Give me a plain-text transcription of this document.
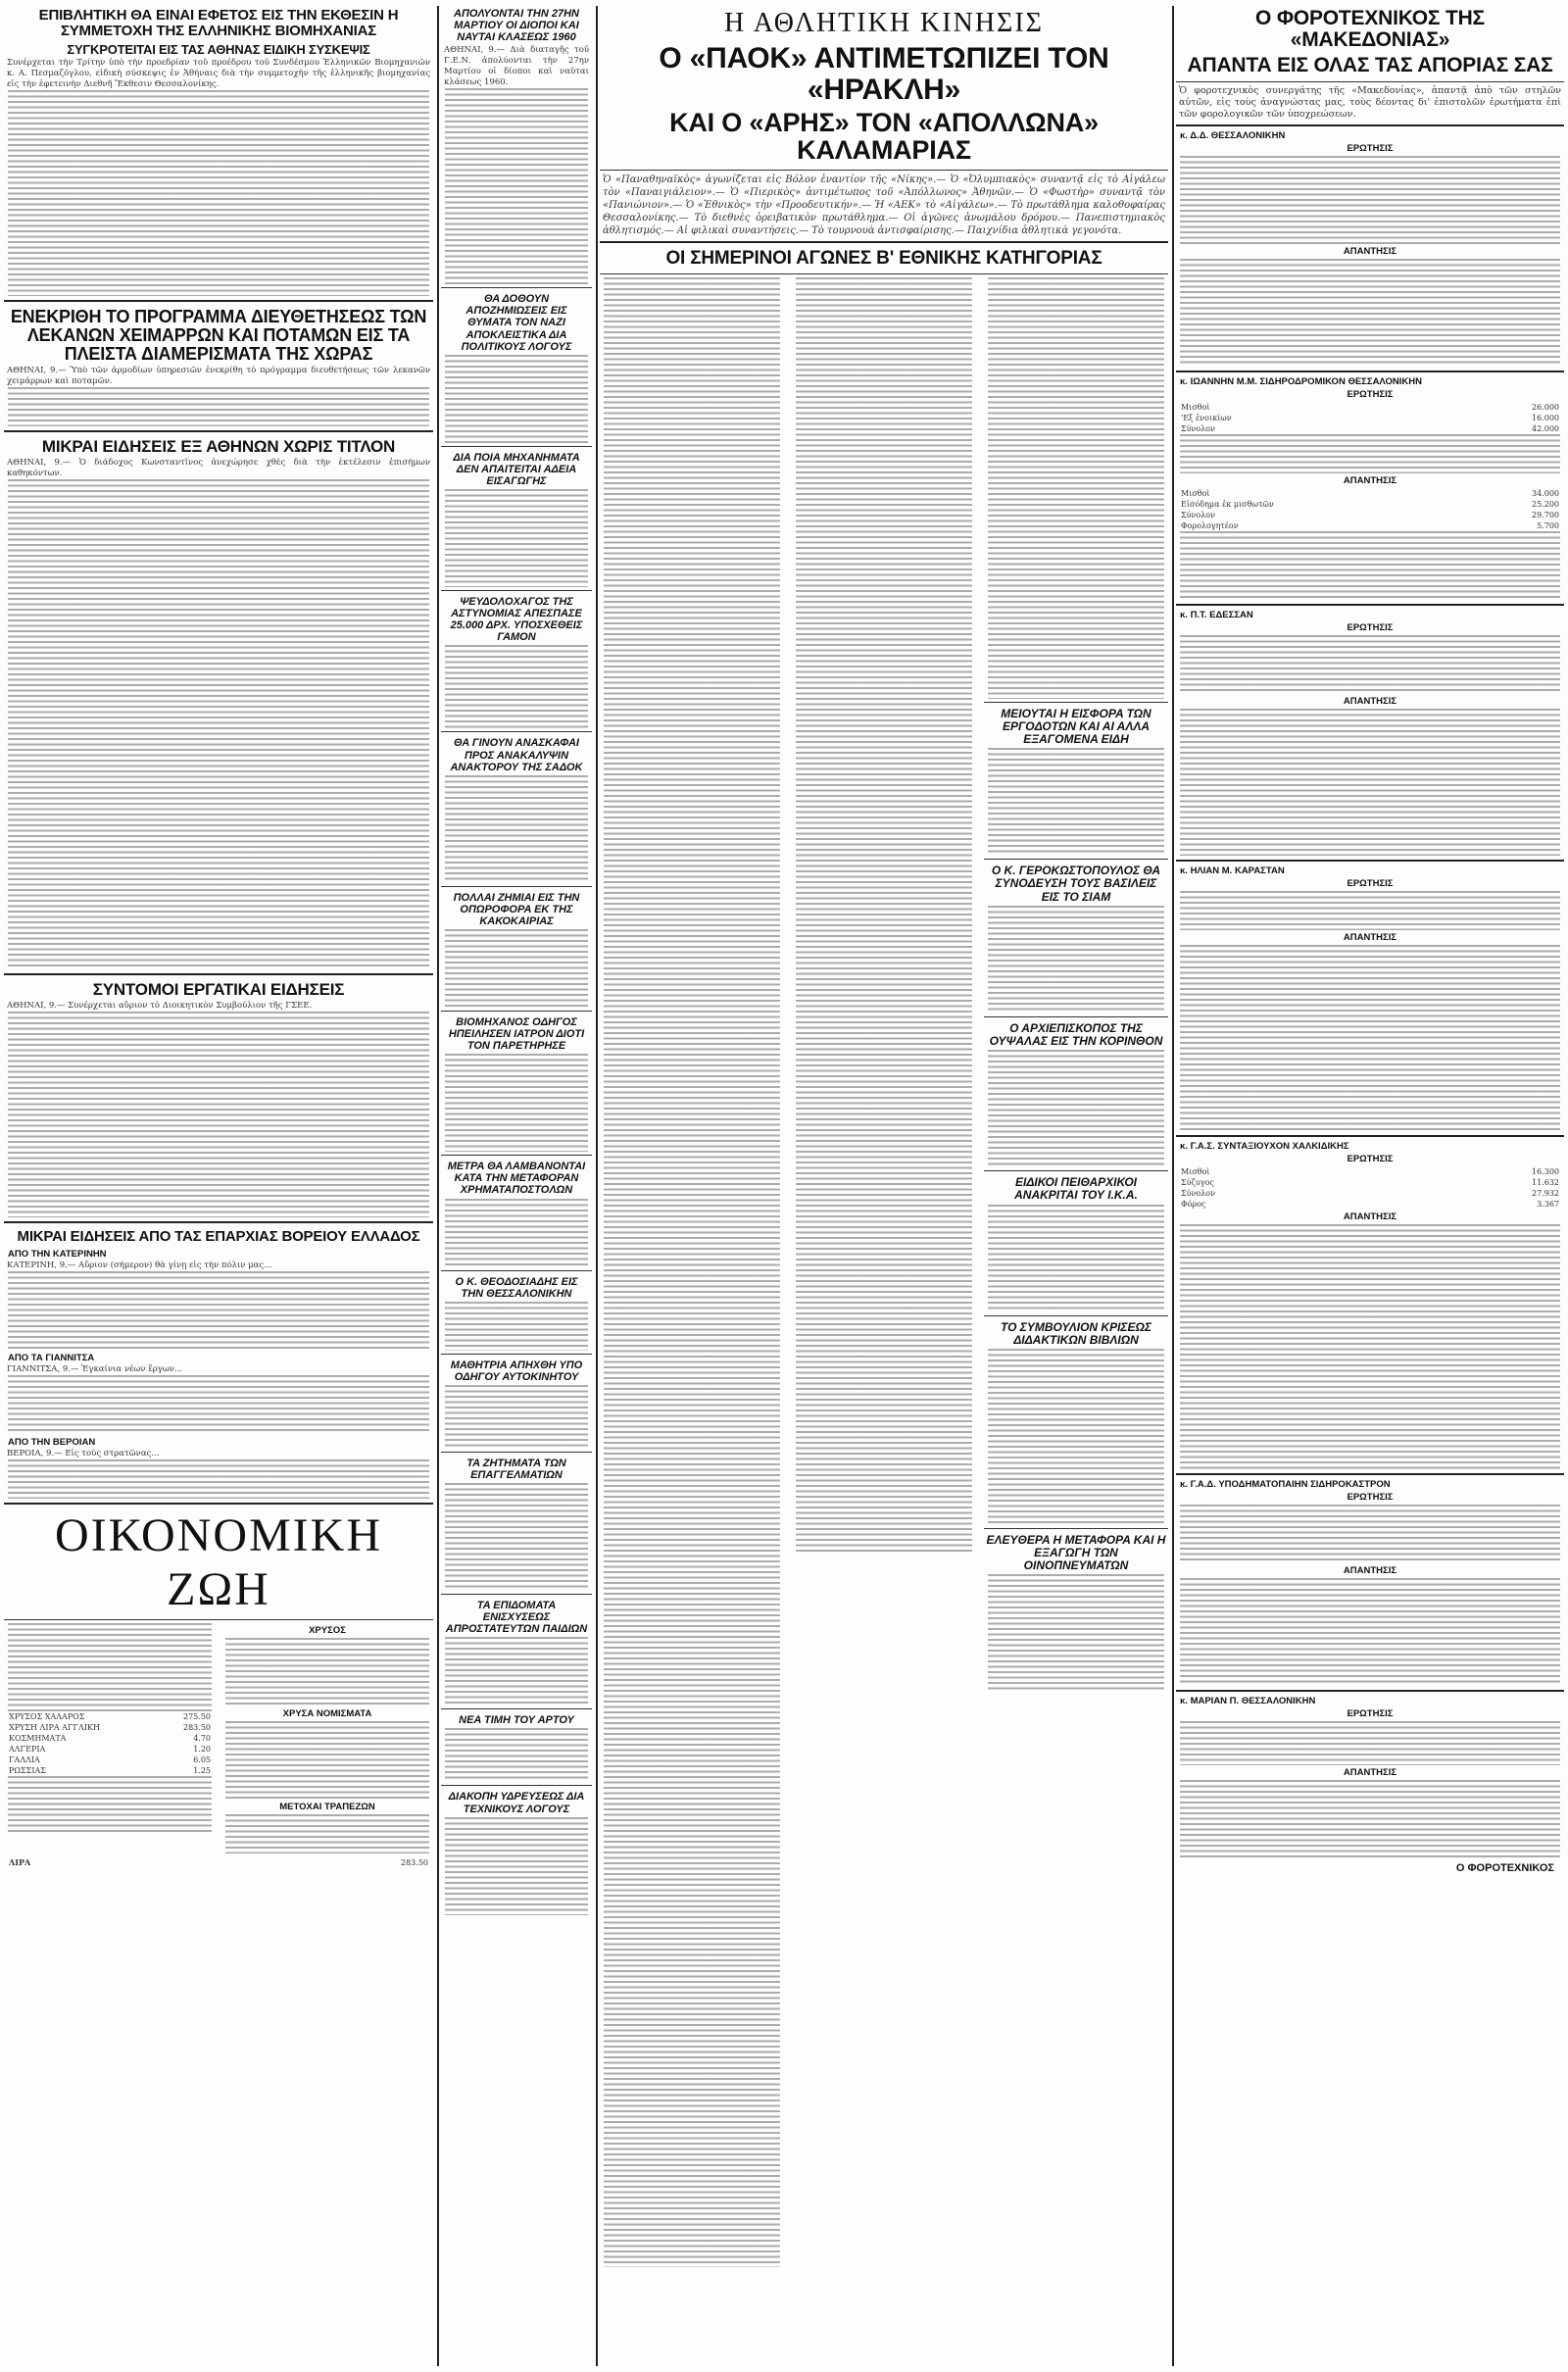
ΕΠΙΒΛΗΤΙΚΗ ΘΑ ΕΙΝΑΙ ΕΦΕΤΟΣ ΕΙΣ ΤΗΝ ΕΚΘΕΣΙΝ Η ΣΥΜΜΕΤΟΧΗ ΤΗΣ ΕΛΛΗΝΙΚΗΣ ΒΙΟΜΗΧΑΝΙΑΣ
ΣΥΓΚΡΟΤΕΙΤΑΙ ΕΙΣ ΤΑΣ ΑΘΗΝΑΣ ΕΙΔΙΚΗ ΣΥΣΚΕΨΙΣ

Συνέρχεται τὴν Τρίτην ὑπὸ τὴν προεδρίαν τοῦ προέδρου τοῦ Συνδέσμου Ἑλληνικῶν Βιομηχανιῶν κ. Α. Πεσμαζόγλου, εἰδικὴ σύσκεψις ἐν Ἀθήναις διὰ τὴν συμμετοχὴν τῆς ἑλληνικῆς βιομηχανίας εἰς τὴν ἐφετεινὴν Διεθνῆ Ἔκθεσιν Θεσσαλονίκης.

ΕΝΕΚΡΙΘΗ ΤΟ ΠΡΟΓΡΑΜΜΑ ΔΙΕΥΘΕΤΗΣΕΩΣ ΤΩΝ ΛΕΚΑΝΩΝ ΧΕΙΜΑΡΡΩΝ ΚΑΙ ΠΟΤΑΜΩΝ ΕΙΣ ΤΑ ΠΛΕΙΣΤΑ ΔΙΑΜΕΡΙΣΜΑΤΑ ΤΗΣ ΧΩΡΑΣ

ΑΘΗΝΑΙ, 9.— Ὑπὸ τῶν ἁρμοδίων ὑπηρεσιῶν ἐνεκρίθη τὸ πρόγραμμα διευθετήσεως τῶν λεκανῶν χειμάρρων καὶ ποταμῶν.

ΜΙΚΡΑΙ ΕΙΔΗΣΕΙΣ ΕΞ ΑΘΗΝΩΝ ΧΩΡΙΣ ΤΙΤΛΟΝ

ΑΘΗΝΑΙ, 9.— Ὁ διάδοχος Κωνσταντῖνος ἀνεχώρησε χθὲς διὰ τὴν ἐκτέλεσιν ἐπισήμων καθηκόντων.

ΣΥΝΤΟΜΟΙ ΕΡΓΑΤΙΚΑΙ ΕΙΔΗΣΕΙΣ

ΑΘΗΝΑΙ, 9.— Συνέρχεται αὔριον τὸ Διοικητικὸν Συμβούλιον τῆς ΓΣΕΕ.

ΜΙΚΡΑΙ ΕΙΔΗΣΕΙΣ ΑΠΟ ΤΑΣ ΕΠΑΡΧΙΑΣ ΒΟΡΕΙΟΥ ΕΛΛΑΔΟΣ
ΑΠΟ ΤΗΝ ΚΑΤΕΡΙΝΗΝ

ΚΑΤΕΡΙΝΗ, 9.— Αὔριον (σήμερον) θὰ γίνῃ εἰς τὴν πόλιν μας...

ΑΠΟ ΤΑ ΓΙΑΝΝΙΤΣΑ

ΓΙΑΝΝΙΤΣΑ, 9.— Ἐγκαίνια νέων ἔργων...

ΑΠΟ ΤΗΝ ΒΕΡΟΙΑΝ

ΒΕΡΟΙΑ, 9.— Εἰς τοὺς στρατῶνας...

ΟΙΚΟΝΟΜΙΚΗ ΖΩΗ
ΧΡΥΣΟΣ ΧΑΛΑΡΟΣ	275.50
ΧΡΥΣΗ ΛΙΡΑ ΑΓΓΛΙΚΗ	283.50
ΚΟΣΜΗΜΑΤΑ	4.70
ΑΛΓΕΡΙΑ	1.20
ΓΑΛΛΙΑ	6.05
ΡΩΣΣΙΑΣ	1.25
ΧΡΥΣΟΣ
ΧΡΥΣΑ ΝΟΜΙΣΜΑΤΑ
ΜΕΤΟΧΑΙ ΤΡΑΠΕΖΩΝ
ΛΙΡΑ	283.50
ΑΠΟΛΥΟΝΤΑΙ ΤΗΝ 27ΗΝ ΜΑΡΤΙΟΥ ΟΙ ΔΙΟΠΟΙ ΚΑΙ ΝΑΥΤΑΙ ΚΛΑΣΕΩΣ 1960

ΑΘΗΝΑΙ, 9.— Διὰ διαταγῆς τοῦ Γ.Ε.Ν. ἀπολύονται τὴν 27ην Μαρτίου οἱ δίοποι καὶ ναῦται κλάσεως 1960.

ΘΑ ΔΟΘΟΥΝ ΑΠΟΖΗΜΙΩΣΕΙΣ ΕΙΣ ΘΥΜΑΤΑ ΤΟΝ ΝΑΖΙ ΑΠΟΚΛΕΙΣΤΙΚΑ ΔΙΑ ΠΟΛΙΤΙΚΟΥΣ ΛΟΓΟΥΣ
ΔΙΑ ΠΟΙΑ ΜΗΧΑΝΗΜΑΤΑ ΔΕΝ ΑΠΑΙΤΕΙΤΑΙ ΑΔΕΙΑ ΕΙΣΑΓΩΓΗΣ
ΨΕΥΔΟΛΟΧΑΓΟΣ ΤΗΣ ΑΣΤΥΝΟΜΙΑΣ ΑΠΕΣΠΑΣΕ 25.000 ΔΡΧ. ΥΠΟΣΧΕΘΕΙΣ ΓΑΜΟΝ
ΘΑ ΓΙΝΟΥΝ ΑΝΑΣΚΑΦΑΙ ΠΡΟΣ ΑΝΑΚΑΛΥΨΙΝ ΑΝΑΚΤΟΡΟΥ ΤΗΣ ΣΑΔΟΚ
ΠΟΛΛΑΙ ΖΗΜΙΑΙ ΕΙΣ ΤΗΝ ΟΠΩΡΟΦΟΡΑ ΕΚ ΤΗΣ ΚΑΚΟΚΑΙΡΙΑΣ
ΒΙΟΜΗΧΑΝΟΣ ΟΔΗΓΟΣ ΗΠΕΙΛΗΣΕΝ ΙΑΤΡΟΝ ΔΙΟΤΙ ΤΟΝ ΠΑΡΕΤΗΡΗΣΕ
ΜΕΤΡΑ ΘΑ ΛΑΜΒΑΝΟΝΤΑΙ ΚΑΤΑ ΤΗΝ ΜΕΤΑΦΟΡΑΝ ΧΡΗΜΑΤΑΠΟΣΤΟΛΩΝ
Ο Κ. ΘΕΟΔΟΣΙΑΔΗΣ ΕΙΣ ΤΗΝ ΘΕΣΣΑΛΟΝΙΚΗΝ
ΜΑΘΗΤΡΙΑ ΑΠΗΧΘΗ ΥΠΟ ΟΔΗΓΟΥ ΑΥΤΟΚΙΝΗΤΟΥ
ΤΑ ΖΗΤΗΜΑΤΑ ΤΩΝ ΕΠΑΓΓΕΛΜΑΤΙΩΝ
ΤΑ ΕΠΙΔΟΜΑΤΑ ΕΝΙΣΧΥΣΕΩΣ ΑΠΡΟΣΤΑΤΕΥΤΩΝ ΠΑΙΔΙΩΝ
ΝΕΑ ΤΙΜΗ ΤΟΥ ΑΡΤΟΥ
ΔΙΑΚΟΠΗ ΥΔΡΕΥΣΕΩΣ ΔΙΑ ΤΕΧΝΙΚΟΥΣ ΛΟΓΟΥΣ
Η ΑΘΛΗΤΙΚΗ ΚΙΝΗΣΙΣ
Ο «ΠΑΟΚ» ΑΝΤΙΜΕΤΩΠΙΖΕΙ ΤΟΝ «ΗΡΑΚΛΗ»
ΚΑΙ Ο «ΑΡΗΣ» ΤΟΝ «ΑΠΟΛΛΩΝΑ» ΚΑΛΑΜΑΡΙΑΣ

Ὁ «Παναθηναϊκὸς» ἀγωνίζεται εἰς Βόλον ἐναντίον τῆς «Νίκης».— Ὁ «Ὀλυμπιακὸς» συναντᾷ εἰς τὸ Αἰγάλεω τὸν «Παναιγιάλειον».— Ὁ «Πιερικὸς» ἀντιμέτωπος τοῦ «Ἀπόλλωνος» Ἀθηνῶν.— Ὁ «Φωστὴρ» συναντᾷ τὸν «Πανιώνιον».— Ὁ «Ἐθνικὸς» τὴν «Προοδευτικήν».— Ἡ «ΑΕΚ» τὸ «Αἰγάλεω».— Τὸ πρωτάθλημα καλοθοφαίρας Θεσσαλονίκης.— Τὸ διεθνὲς ὁρειβατικὸν πρωτάθλημα.— Οἱ ἀγῶνες ἀνωμάλου δρόμου.— Πανεπιστημιακὸς ἀθλητισμός.— Αἱ φιλικαὶ συναντήσεις.— Τὸ τουρνουὰ ἀντισφαίρισης.— Παιχνίδια ἀθλητικὰ γεγονότα.

ΟΙ ΣΗΜΕΡΙΝΟΙ ΑΓΩΝΕΣ Β' ΕΘΝΙΚΗΣ ΚΑΤΗΓΟΡΙΑΣ
ΜΕΙΟΥΤΑΙ Η ΕΙΣΦΟΡΑ ΤΩΝ ΕΡΓΟΔΟΤΩΝ ΚΑΙ ΑΙ ΑΛΛΑ ΕΞΑΓΟΜΕΝΑ ΕΙΔΗ
Ο Κ. ΓΕΡΟΚΩΣΤΟΠΟΥΛΟΣ ΘΑ ΣΥΝΟΔΕΥΣΗ ΤΟΥΣ ΒΑΣΙΛΕΙΣ ΕΙΣ ΤΟ ΣΙΑΜ
Ο ΑΡΧΙΕΠΙΣΚΟΠΟΣ ΤΗΣ ΟΥΨΑΛΑΣ ΕΙΣ ΤΗΝ ΚΟΡΙΝΘΟΝ
ΕΙΔΙΚΟΙ ΠΕΙΘΑΡΧΙΚΟΙ ΑΝΑΚΡΙΤΑΙ ΤΟΥ Ι.Κ.Α.
ΤΟ ΣΥΜΒΟΥΛΙΟΝ ΚΡΙΣΕΩΣ ΔΙΔΑΚΤΙΚΩΝ ΒΙΒΛΙΩΝ
ΕΛΕΥΘΕΡΑ Η ΜΕΤΑΦΟΡΑ ΚΑΙ Η ΕΞΑΓΩΓΗ ΤΩΝ ΟΙΝΟΠΝΕΥΜΑΤΩΝ
Ο ΦΟΡΟΤΕΧΝΙΚΟΣ ΤΗΣ «ΜΑΚΕΔΟΝΙΑΣ»
ΑΠΑΝΤΑ ΕΙΣ ΟΛΑΣ ΤΑΣ ΑΠΟΡΙΑΣ ΣΑΣ

Ὁ φοροτεχνικὸς συνεργάτης τῆς «Μακεδονίας», ἀπαντᾷ ἀπὸ τῶν στηλῶν αὐτῶν, εἰς τοὺς ἀναγνώστας μας, τοὺς δέοντας δι' ἐπιστολῶν ἐρωτήματα ἐπὶ τῶν φορολογικῶν τῶν ὑποχρεώσεων.

κ. Δ.Δ. ΘΕΣΣΑΛΟΝΙΚΗΝ
ΕΡΩΤΗΣΙΣ
ΑΠΑΝΤΗΣΙΣ
κ. ΙΩΑΝΝΗΝ Μ.Μ. ΣΙΔΗΡΟΔΡΟΜΙΚΟΝ ΘΕΣΣΑΛΟΝΙΚΗΝ
ΕΡΩΤΗΣΙΣ
Μισθοὶ	26.000
'Εξ ἐνοικίων	16.000
Σύνολον	42.000
ΑΠΑΝΤΗΣΙΣ
Μισθοὶ	34.000
Εἰσόδημα ἐκ μισθωτῶν	25.200
Σύνολον	29.700
Φορολογητέον	5.700
κ. Π.Τ. ΕΔΕΣΣΑΝ
ΕΡΩΤΗΣΙΣ
ΑΠΑΝΤΗΣΙΣ
κ. ΗΛΙΑΝ Μ. ΚΑΡΑΣΤΑΝ
ΕΡΩΤΗΣΙΣ
ΑΠΑΝΤΗΣΙΣ
κ. Γ.Α.Σ. ΣΥΝΤΑΞΙΟΥΧΟΝ ΧΑΛΚΙΔΙΚΗΣ
ΕΡΩΤΗΣΙΣ
Μισθοὶ	16.300
Σύζυγος	11.632
Σύνολον	27.932
Φόρος	3.367
ΑΠΑΝΤΗΣΙΣ
κ. Γ.Α.Δ. ΥΠΟΔΗΜΑΤΟΠΑΙΗΝ ΣΙΔΗΡΟΚΑΣΤΡΟΝ
ΕΡΩΤΗΣΙΣ
ΑΠΑΝΤΗΣΙΣ
κ. ΜΑΡΙΑΝ Π. ΘΕΣΣΑΛΟΝΙΚΗΝ
ΕΡΩΤΗΣΙΣ
ΑΠΑΝΤΗΣΙΣ
Ο ΦΟΡΟΤΕΧΝΙΚΟΣ
